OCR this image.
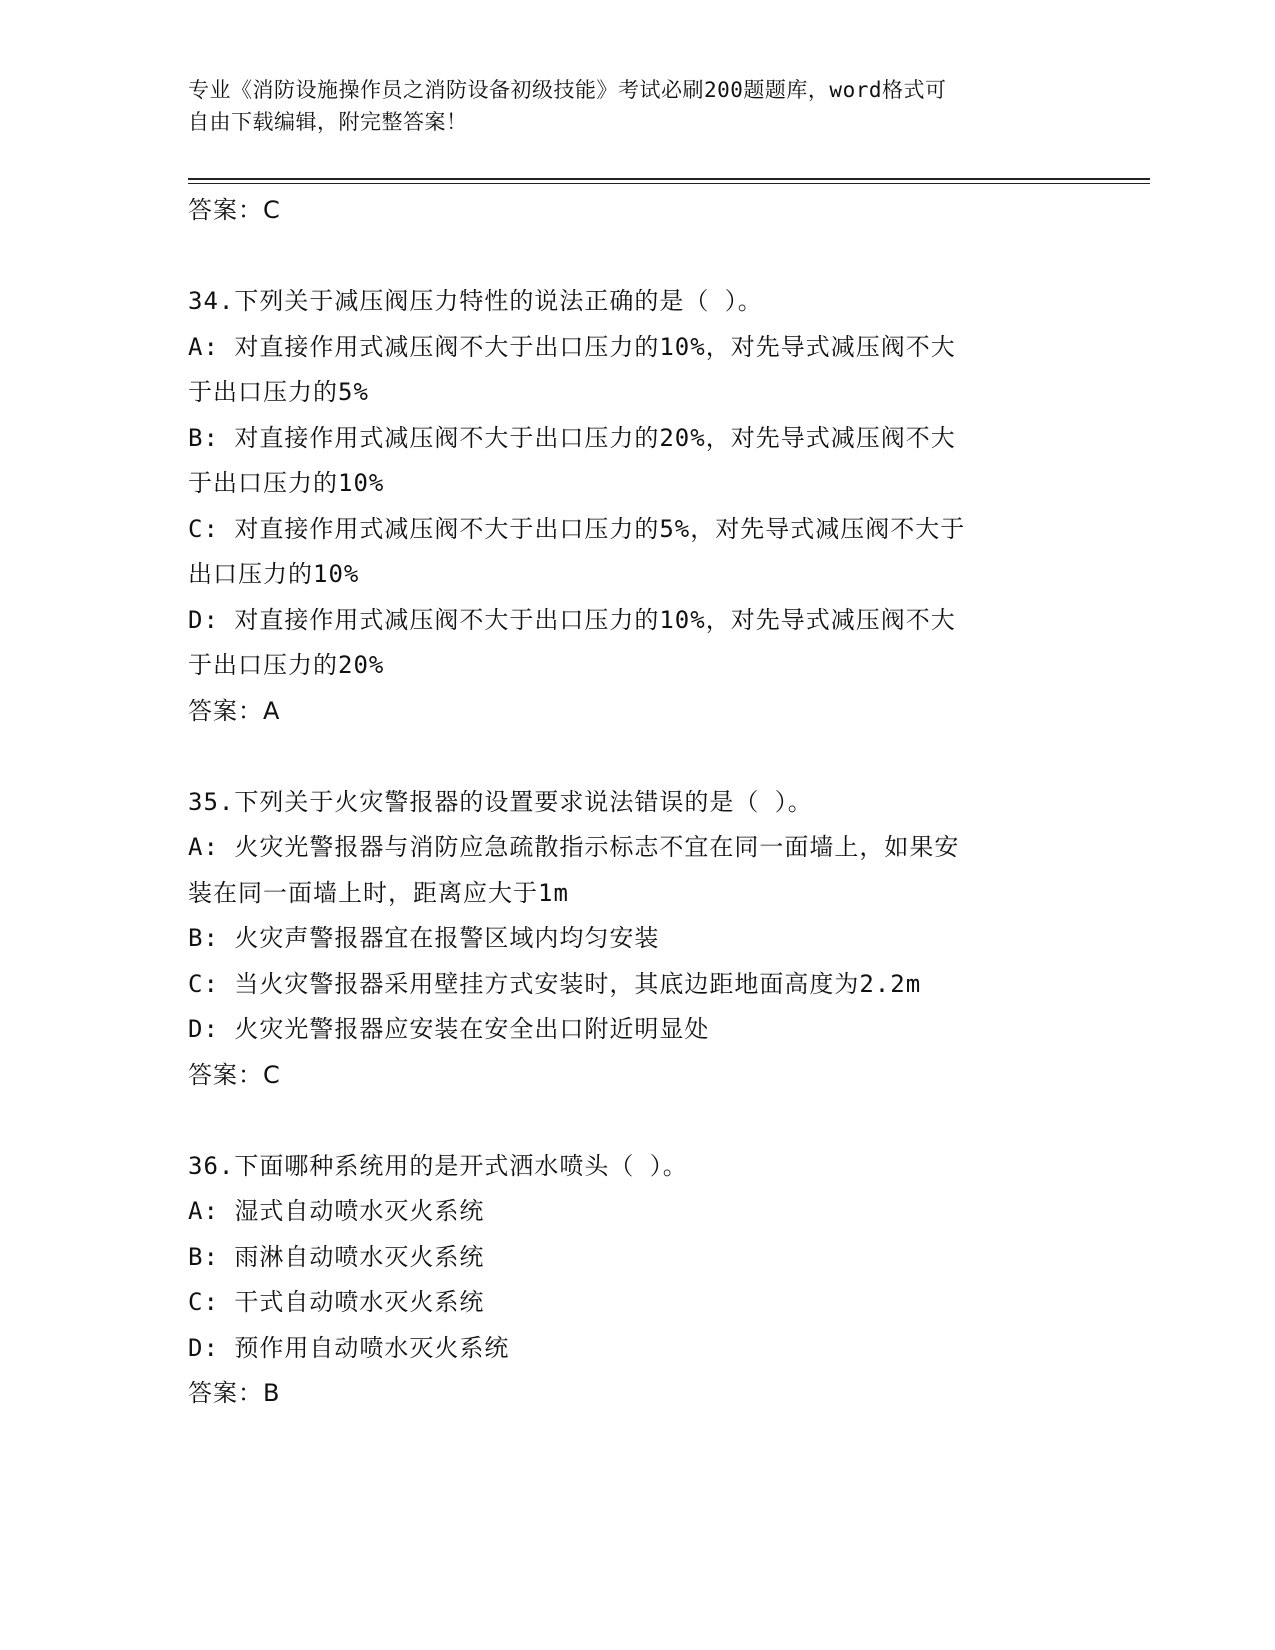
专业《消防设施操作员之消防设备初级技能》考试必刷200题题库，word格式可
自由下载编辑，附完整答案！
答案：C
34.下列关于减压阀压力特性的说法正确的是（ ）。
A: 对直接作用式减压阀不大于出口压力的10%，对先导式减压阀不大
于出口压力的5%
B: 对直接作用式减压阀不大于出口压力的20%，对先导式减压阀不大
于出口压力的10%
C: 对直接作用式减压阀不大于出口压力的5%，对先导式减压阀不大于
出口压力的10%
D: 对直接作用式减压阀不大于出口压力的10%，对先导式减压阀不大
于出口压力的20%
答案：A
35.下列关于火灾警报器的设置要求说法错误的是（ ）。
A: 火灾光警报器与消防应急疏散指示标志不宜在同一面墙上，如果安
装在同一面墙上时，距离应大于1m
B: 火灾声警报器宜在报警区域内均匀安装
C: 当火灾警报器采用壁挂方式安装时，其底边距地面高度为2.2m
D: 火灾光警报器应安装在安全出口附近明显处
答案：C
36.下面哪种系统用的是开式洒水喷头（ ）。
A: 湿式自动喷水灭火系统
B: 雨淋自动喷水灭火系统
C: 干式自动喷水灭火系统
D: 预作用自动喷水灭火系统
答案：B
